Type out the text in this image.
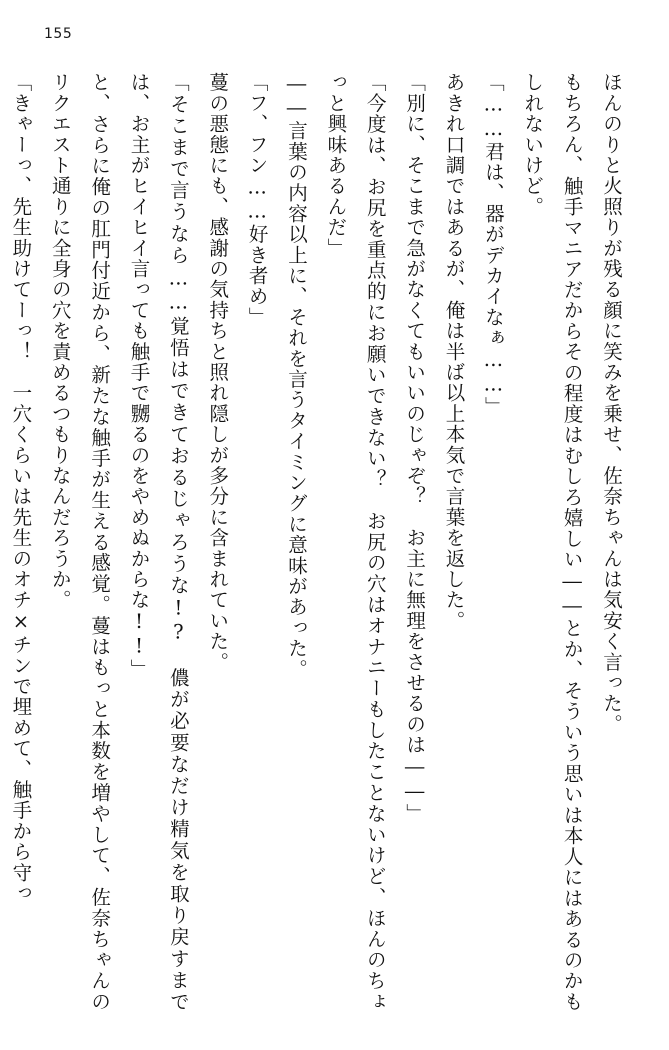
155

ほんのりと火照りが残る顔に笑みを乗せ、佐奈ちゃんは気安く言った。

もちろん、触手マニアだからその程度はむしろ嬉しい――とか、そういう思いは本人にはあるのかもしれないけど。

「……君は、器がデカイなぁ……」

あきれ口調ではあるが、俺は半ば以上本気で言葉を返した。

「別に、そこまで急がなくてもいいのじゃぞ？　お主に無理をさせるのは――」

「今度は、お尻を重点的にお願いできない？　お尻の穴はオナニーもしたことないけど、ほんのちょっと興味あるんだ」

――言葉の内容以上に、それを言うタイミングに意味があった。

「フ、フン……好き者め」

蔓の悪態にも、感謝の気持ちと照れ隠しが多分に含まれていた。

「そこまで言うなら……覚悟はできておるじゃろうな!?　儂が必要なだけ精気を取り戻すまでは、お主がヒイヒイ言っても触手で嬲るのをやめぬからな!!」

と、さらに俺の肛門付近から、新たな触手が生える感覚。蔓はもっと本数を増やして、佐奈ちゃんのリクエスト通りに全身の穴を責めるつもりなんだろうか。

「きゃーっ、先生助けてーっ！　一穴くらいは先生のオチ×チンで埋めて、触手から守っ
